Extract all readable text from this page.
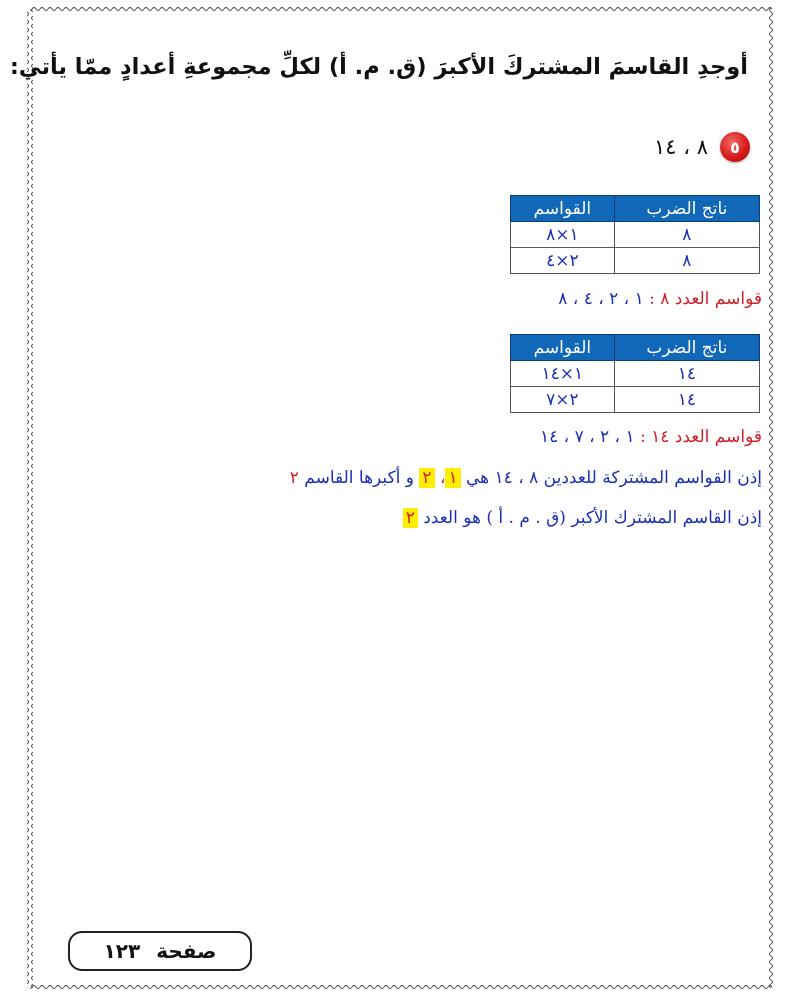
أوجدِ القاسمَ المشتركَ الأكبرَ (ق. م. أ) لكلِّ مجموعةِ أعدادٍ ممّا يأتي:
٥
٨ ، ١٤
ناتج الضرب	القواسم
٨	١×٨
٨	٢×٤
قواسم العدد ٨ : ١ ، ٢ ، ٤ ، ٨
ناتج الضرب	القواسم
١٤	١×١٤
١٤	٢×٧
قواسم العدد ١٤ : ١ ، ٢ ، ٧ ، ١٤
إذن القواسم المشتركة للعددين ٨ ، ١٤ هي ١، ٢ و أكبرها القاسم ٢
إذن القاسم المشترك الأكبر (ق . م . أ ) هو العدد ٢
صفحة
١٢٣
